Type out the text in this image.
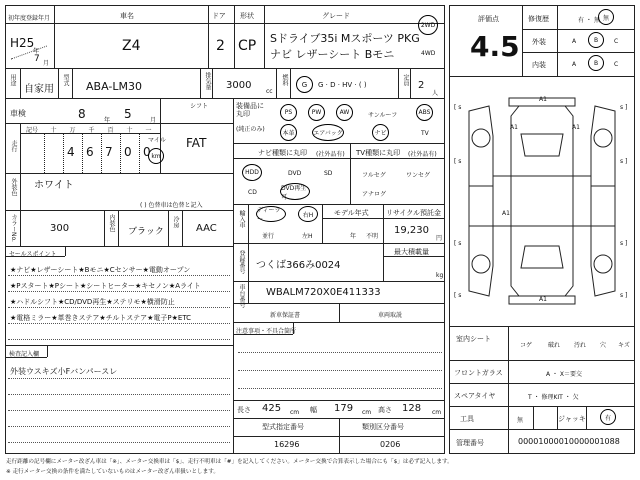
初年度登録年月
H25
年
7 月
車名
Z4
ドア
2
形状
CP
グレード
Sドライブ35i Mスポーツ PKG
ナビ レザーシート Bモニ
2WD
4WD
用途
自家用
型式 ABA-LM30	排気量 3000
cc
燃料 G G · D · HV · ( )	定員 2
人
車検	8	年 5	月
シフト
FAT
走行
記号	十	万	千	百	十	一
4 6 7 0 0
マイル
km
外装色 ホワイト
( ) 色替車は色替と記入
カラーNo.	300	内装色 ブラック
冷房
AAC
セールスポイント
★ナビ★レザーシート★Bモニ★Cセンサー★電動オープン
★Pスタート★Pシート★シートヒーター★キセノン★Aライト
★ハドルシフト★CD/DVD再生★ステリモ★横滑防止
★電格ミラー★革巻きステア★チルトステア★電子P★ETC
検査記入欄
外装ウスキズ小Fバンパースレ
装備品に丸印
(純正のみ)
PS	PW	AW	サンルーフ	ABS
本革	エアバック	ナビ	TV
ナビ種類に丸印 (社外品有) TV種類に丸印 (社外品有)
HDD	DVD	SD
CD
DVD再生可
フルセグ	ワンセグ
アナログ
輸入車 ディーラー
並行
右H
左H
モデル年式
年 不明
リサイクル預託金
19,230
円
登録番号 つくば366み0024
最大積載量
kg
車台番号 WBALM720X0E411333
新車保証書	車両取説
注意事項・不具合箇所
長さ 425 cm 幅 179 cm 高さ 128 cm
型式指定番号
16296
類別区分番号
0206
評価点
4.5
修復歴	有 ・ 無 無
外装	A	B	C
内装	A	B	C
A1
A1	A1
A1
A1
[ s	s ]
[ s	s ]
[ s	s ]
[ s	s ]
室内シート
コゲ	破れ 汚れ 穴 キズ
フロントガラス	A ・ X＝要交
スペアタイヤ	T ・ 修理KIT ・ 欠
工具	無	ジャッキ	有
管理番号	00001000010000001088
走行距離の記号欄にメーター改ざん車は「※」、メーター交換車は「$」、走行不明車は「#」を記入してください。メーター交換で合算表示した場合にも「$」は必ず記入します。
※ 走行メーター交換の条件を満たしていないものはメーター改ざん車扱いとします。
